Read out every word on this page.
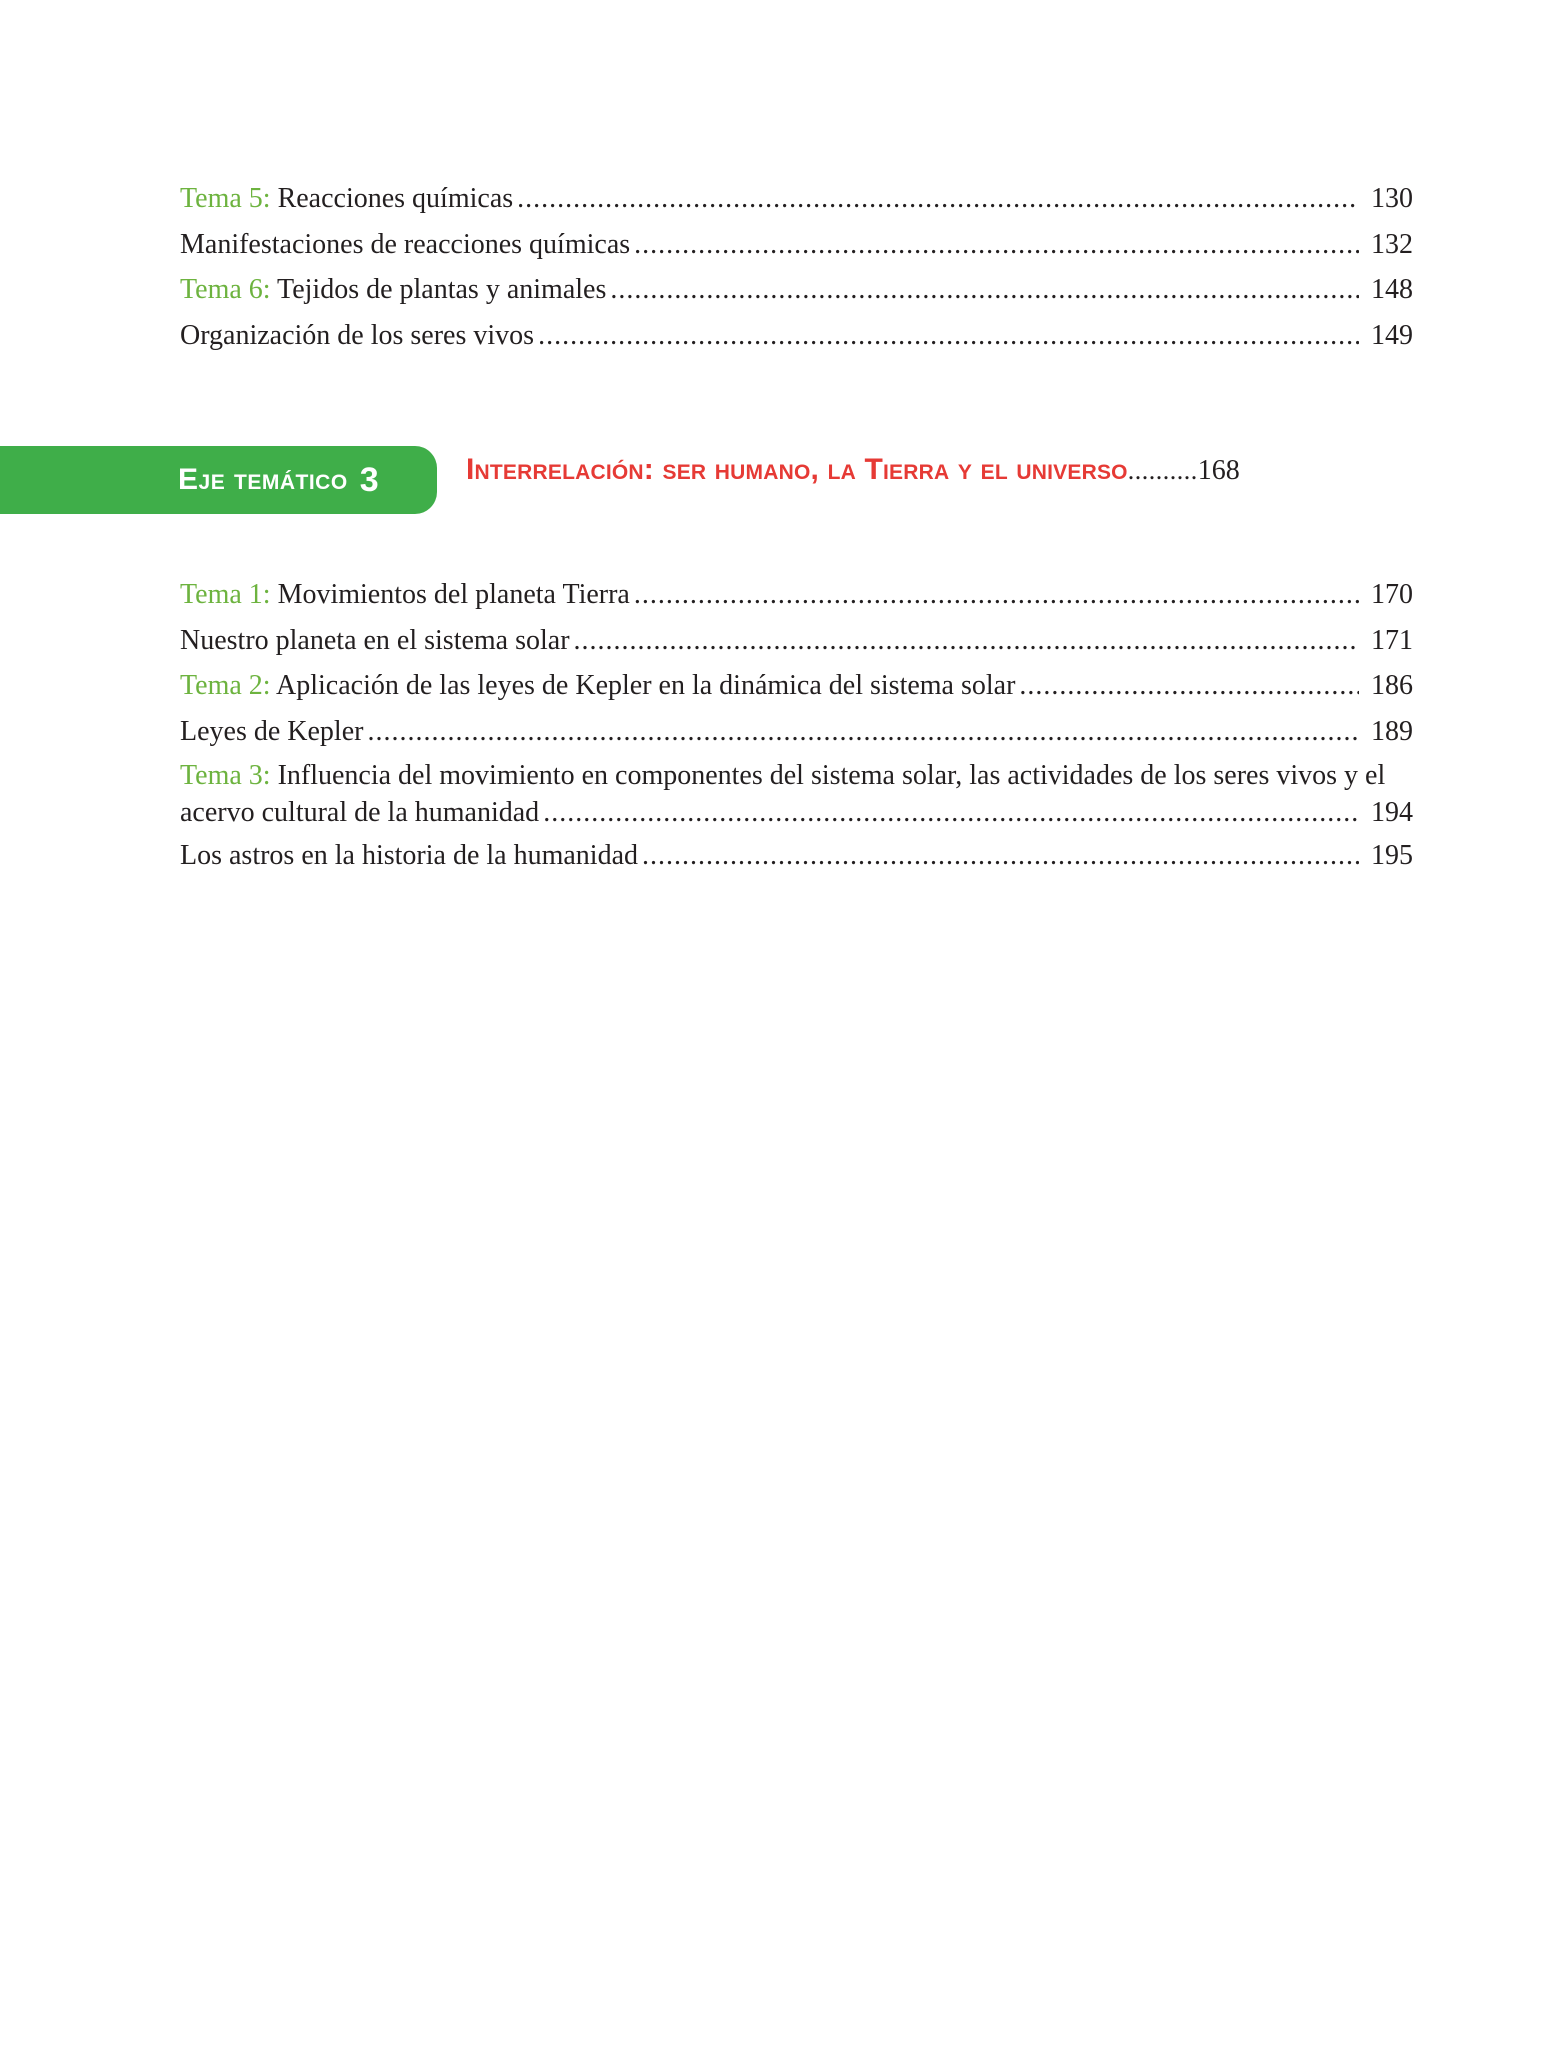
Tema 5: Reacciones químicas .....	130
Manifestaciones de reacciones químicas .....	132
Tema 6: Tejidos de plantas y animales .....	148
Organización de los seres vivos .....	149
Eje temático 3	Interrelación: ser humano, la Tierra y el universo .......... 168
Tema 1: Movimientos del planeta Tierra .....	170
Nuestro planeta en el sistema solar .....	171
Tema 2: Aplicación de las leyes de Kepler en la dinámica del sistema solar .....	186
Leyes de Kepler .....	189
Tema 3: Influencia del movimiento en componentes del sistema solar, las actividades de los seres vivos y el
acervo cultural de la humanidad .....	194
Los astros en la historia de la humanidad .....	195
